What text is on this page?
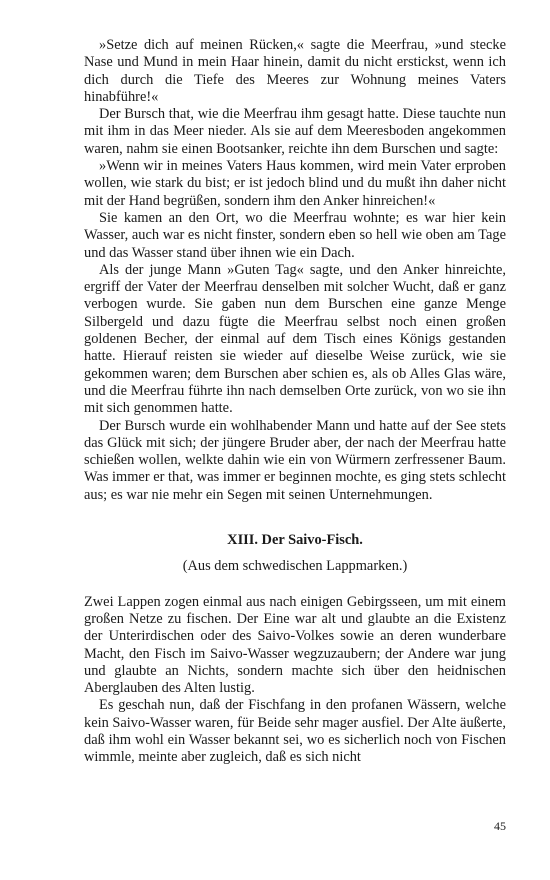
»Setze dich auf meinen Rücken,« sagte die Meerfrau, »und stecke Nase und Mund in mein Haar hinein, damit du nicht erstickst, wenn ich dich durch die Tiefe des Meeres zur Wohnung meines Vaters hinabführe!«

Der Bursch that, wie die Meerfrau ihm gesagt hatte. Diese tauchte nun mit ihm in das Meer nieder. Als sie auf dem Meeresboden angekommen waren, nahm sie einen Bootsanker, reichte ihn dem Burschen und sagte:

»Wenn wir in meines Vaters Haus kommen, wird mein Vater erproben wollen, wie stark du bist; er ist jedoch blind und du mußt ihn daher nicht mit der Hand begrüßen, sondern ihm den Anker hinreichen!«

Sie kamen an den Ort, wo die Meerfrau wohnte; es war hier kein Wasser, auch war es nicht finster, sondern eben so hell wie oben am Tage und das Wasser stand über ihnen wie ein Dach.

Als der junge Mann »Guten Tag« sagte, und den Anker hinreichte, ergriff der Vater der Meerfrau denselben mit solcher Wucht, daß er ganz verbogen wurde. Sie gaben nun dem Burschen eine ganze Menge Silbergeld und dazu fügte die Meerfrau selbst noch einen großen goldenen Becher, der einmal auf dem Tisch eines Königs gestanden hatte. Hierauf reisten sie wieder auf dieselbe Weise zurück, wie sie gekommen waren; dem Burschen aber schien es, als ob Alles Glas wäre, und die Meerfrau führte ihn nach demselben Orte zurück, von wo sie ihn mit sich genommen hatte.

Der Bursch wurde ein wohlhabender Mann und hatte auf der See stets das Glück mit sich; der jüngere Bruder aber, der nach der Meerfrau hatte schießen wollen, welkte dahin wie ein von Würmern zerfressener Baum. Was immer er that, was immer er beginnen mochte, es ging stets schlecht aus; es war nie mehr ein Segen mit seinen Unternehmungen.

XIII. Der Saivo-Fisch.
(Aus dem schwedischen Lappmarken.)

Zwei Lappen zogen einmal aus nach einigen Gebirgsseen, um mit einem großen Netze zu fischen. Der Eine war alt und glaubte an die Existenz der Unterirdischen oder des Saivo-Volkes sowie an deren wunderbare Macht, den Fisch im Saivo-Wasser wegzuzaubern; der Andere war jung und glaubte an Nichts, sondern machte sich über den heidnischen Aberglauben des Alten lustig.

Es geschah nun, daß der Fischfang in den profanen Wässern, welche kein Saivo-Wasser waren, für Beide sehr mager ausfiel. Der Alte äußerte, daß ihm wohl ein Wasser bekannt sei, wo es sicherlich noch von Fischen wimmle, meinte aber zugleich, daß es sich nicht

45
